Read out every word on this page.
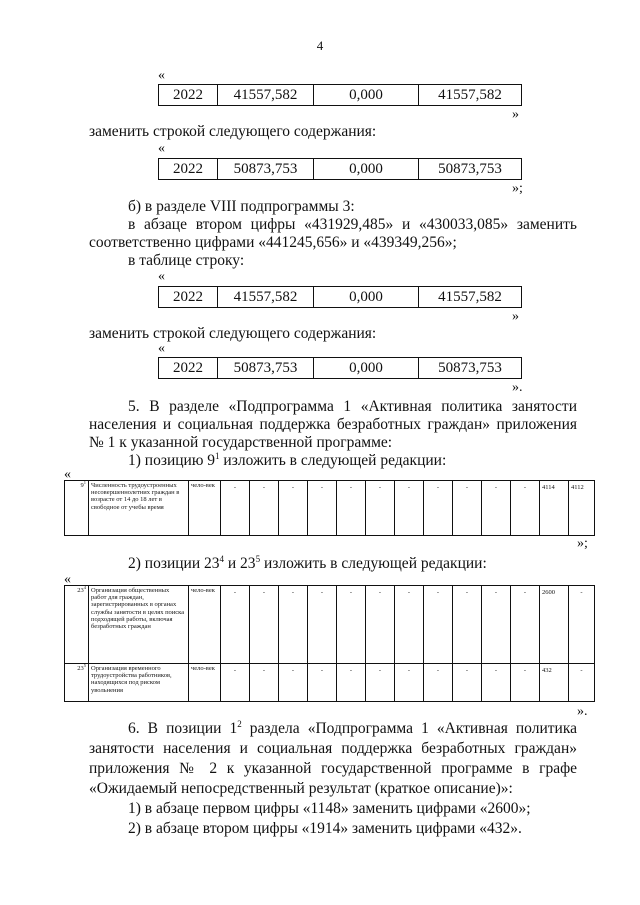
4
«
2022	41557,582	0,000	41557,582
»
заменить строкой следующего содержания:
«
2022	50873,753	0,000	50873,753
»;
б) в разделе VIII подпрограммы 3:
в абзаце втором цифры «431929,485» и «430033,085» заменить
соответственно цифрами «441245,656» и «439349,256»;
в таблице строку:
«
2022	41557,582	0,000	41557,582
»
заменить строкой следующего содержания:
«
2022	50873,753	0,000	50873,753
».
5. В разделе «Подпрограмма 1 «Активная политика занятости
населения и социальная поддержка безработных граждан» приложения
№ 1 к указанной государственной программе:
1) позицию $9^1$ изложить в следующей редакции:
«
$9^1$	Численность трудоустроенных несовершеннолетних граждан в возрасте от 14 до 18 лет в свободное от учебы время	чело-век	-	-	-	-	-	-	-	-	-	-	-	4114	4112	
»;
2) позиции $23^4$ и $23^5$ изложить в следующей редакции:
«
$23^4$	Организация общественных работ для граждан, зарегистрированных в органах службы занятости в целях поиска подходящей работы, включая безработных граждан	чело-век	-	-	-	-	-	-	-	-	-	-	-	2600	-	
$23^5$	Организация временного трудоустройства работников, находящихся под риском увольнения	чело-век	-	-	-	-	-	-	-	-	-	-	-	432	-	
».
6. В позиции $1^2$ раздела «Подпрограмма 1 «Активная политика
занятости населения и социальная поддержка безработных граждан»
приложения № 2 к указанной государственной программе в графе
«Ожидаемый непосредственный результат (краткое описание)»:
1) в абзаце первом цифры «1148» заменить цифрами «2600»;
2) в абзаце втором цифры «1914» заменить цифрами «432».
